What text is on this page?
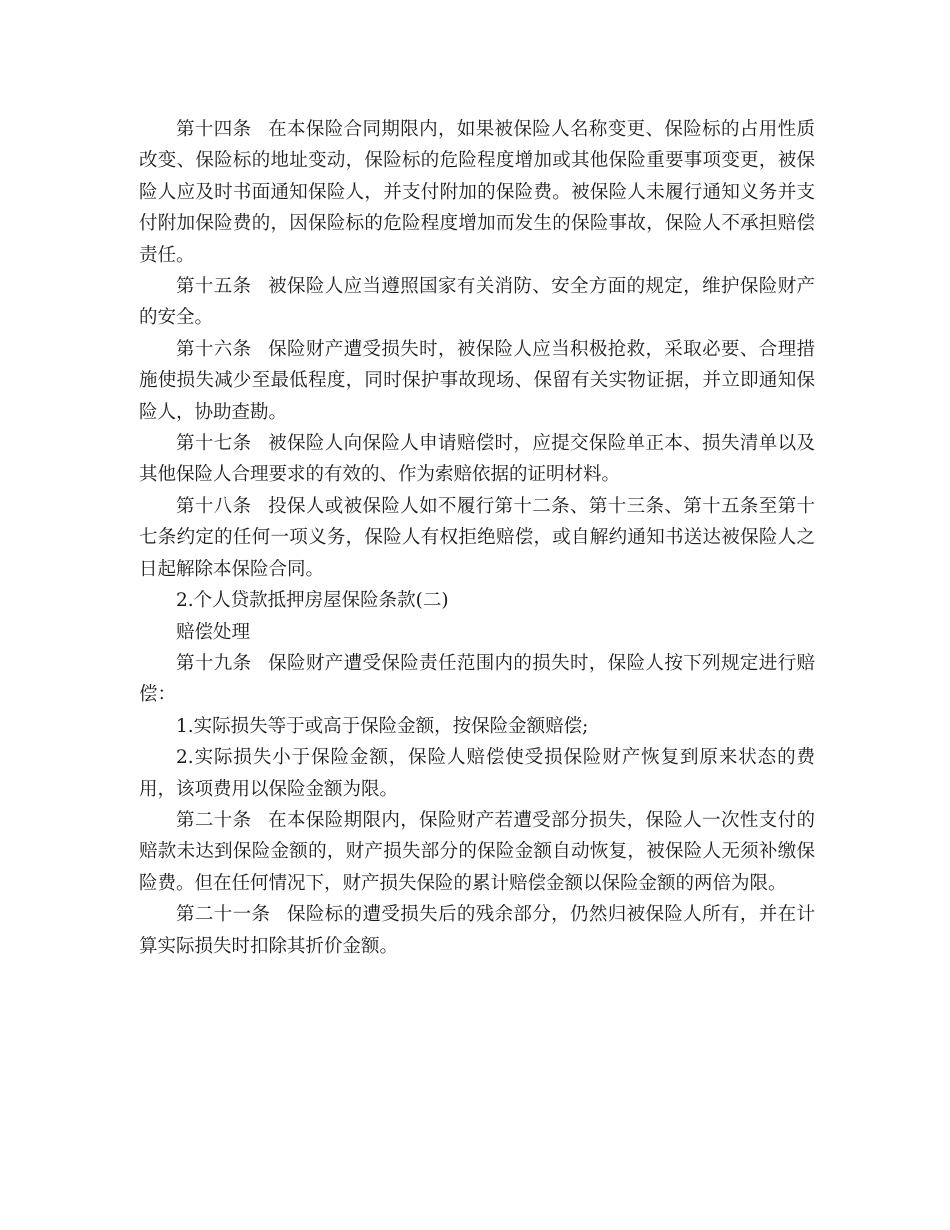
第十四条 在本保险合同期限内，如果被保险人名称变更、保险标的占用性质改变、保险标的地址变动，保险标的危险程度增加或其他保险重要事项变更，被保险人应及时书面通知保险人，并支付附加的保险费。被保险人未履行通知义务并支付附加保险费的，因保险标的危险程度增加而发生的保险事故，保险人不承担赔偿责任。

第十五条 被保险人应当遵照国家有关消防、安全方面的规定，维护保险财产的安全。

第十六条 保险财产遭受损失时，被保险人应当积极抢救，采取必要、合理措施使损失减少至最低程度，同时保护事故现场、保留有关实物证据，并立即通知保险人，协助查勘。

第十七条 被保险人向保险人申请赔偿时，应提交保险单正本、损失清单以及其他保险人合理要求的有效的、作为索赔依据的证明材料。

第十八条 投保人或被保险人如不履行第十二条、第十三条、第十五条至第十七条约定的任何一项义务，保险人有权拒绝赔偿，或自解约通知书送达被保险人之日起解除本保险合同。

2.个人贷款抵押房屋保险条款(二)

赔偿处理

第十九条 保险财产遭受保险责任范围内的损失时，保险人按下列规定进行赔偿：

1.实际损失等于或高于保险金额，按保险金额赔偿;

2.实际损失小于保险金额，保险人赔偿使受损保险财产恢复到原来状态的费用，该项费用以保险金额为限。

第二十条 在本保险期限内，保险财产若遭受部分损失，保险人一次性支付的赔款未达到保险金额的，财产损失部分的保险金额自动恢复，被保险人无须补缴保险费。但在任何情况下，财产损失保险的累计赔偿金额以保险金额的两倍为限。

第二十一条 保险标的遭受损失后的残余部分，仍然归被保险人所有，并在计算实际损失时扣除其折价金额。
